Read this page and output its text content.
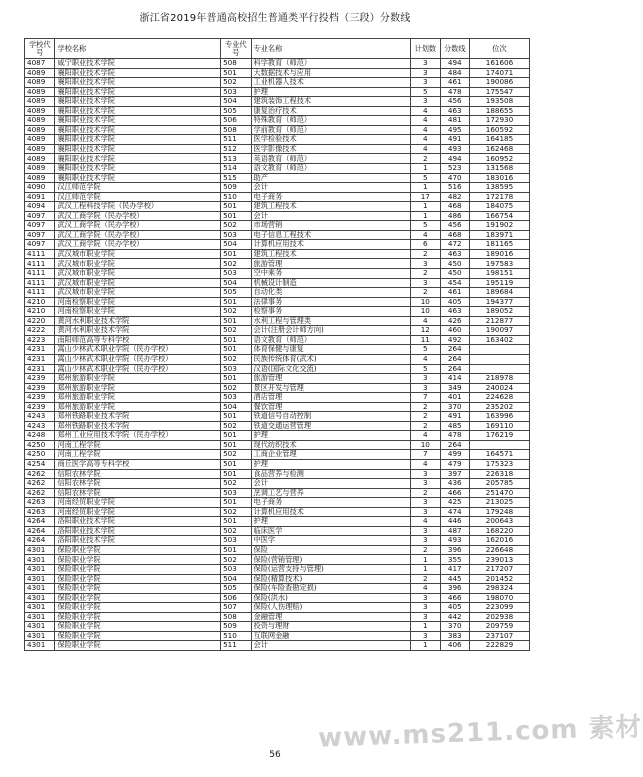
浙江省2019年普通高校招生普通类平行投档（三段）分数线
学校代号	学校名称	专业代号	专业名称	计划数	分数线	位次
4087	咸宁职业技术学院	508	科学教育（师范）	3	494	161606
4089	襄阳职业技术学院	501	大数据技术与应用	3	484	174071
4089	襄阳职业技术学院	502	工业机器人技术	3	461	190086
4089	襄阳职业技术学院	503	护理	5	478	175547
4089	襄阳职业技术学院	504	建筑装饰工程技术	3	456	193508
4089	襄阳职业技术学院	505	康复治疗技术	4	463	188655
4089	襄阳职业技术学院	506	特殊教育（师范）	4	481	172930
4089	襄阳职业技术学院	508	学前教育（师范）	4	495	160592
4089	襄阳职业技术学院	511	医学检验技术	4	491	164185
4089	襄阳职业技术学院	512	医学影像技术	4	493	162468
4089	襄阳职业技术学院	513	英语教育（师范）	2	494	160952
4089	襄阳职业技术学院	514	语文教育（师范）	1	523	131568
4089	襄阳职业技术学院	515	助产	5	470	183016
4090	汉江师范学院	509	会计	1	516	138595
4091	汉江师范学院	510	电子商务	17	482	172178
4094	武汉工程科技学院（民办学校）	501	建筑工程技术	1	468	184075
4097	武汉工商学院（民办学校）	501	会计	1	486	166754
4097	武汉工商学院（民办学校）	502	市场营销	5	456	191902
4097	武汉工商学院（民办学校）	503	电子信息工程技术	4	468	183971
4097	武汉工商学院（民办学校）	504	计算机应用技术	6	472	181165
4111	武汉城市职业学院	501	建筑工程技术	2	463	189016
4111	武汉城市职业学院	502	旅游管理	3	450	197583
4111	武汉城市职业学院	503	空中乘务	2	450	198151
4111	武汉城市职业学院	504	机械设计制造	3	454	195119
4111	武汉城市职业学院	505	自动化类	2	461	189684
4210	河南检察职业学院	501	法律事务	10	405	194377
4210	河南检察职业学院	502	检察事务	10	463	189052
4220	黄河水利职业技术学院	501	水利工程与管理类	4	426	212877
4222	黄河水利职业技术学院	502	会计(注册会计师方向)	12	460	190097
4223	南阳师范高等专科学校	501	语文教育（师范）	11	492	163402
4231	嵩山少林武术职业学院（民办学校）	501	体育保健与康复	5	264	
4231	嵩山少林武术职业学院（民办学校）	502	民族传统体育(武术)	4	264	
4231	嵩山少林武术职业学院（民办学校）	503	汉语(国际文化交流)	5	264	
4239	郑州旅游职业学院	501	旅游管理	3	414	218978
4239	郑州旅游职业学院	502	景区开发与管理	3	349	240024
4239	郑州旅游职业学院	503	酒店管理	7	401	224628
4239	郑州旅游职业学院	504	餐饮管理	2	370	235202
4243	郑州铁路职业技术学院	501	铁道信号自动控制	2	491	163996
4243	郑州铁路职业技术学院	502	铁道交通运营管理	2	485	169110
4248	郑州工业应用技术学院（民办学校）	501	护理	4	478	176219
4250	河南工程学院	501	现代纺织技术	10	264	
4250	河南工程学院	502	工商企业管理	7	499	164571
4254	商丘医学高等专科学校	501	护理	4	479	175323
4262	信阳农林学院	501	食品营养与检测	3	397	226318
4262	信阳农林学院	502	会计	3	436	205785
4262	信阳农林学院	503	烹调工艺与营养	2	466	251470
4263	河南经贸职业学院	501	电子商务	3	425	213025
4263	河南经贸职业学院	502	计算机应用技术	3	474	179248
4264	洛阳职业技术学院	501	护理	4	446	200643
4264	洛阳职业技术学院	502	临床医学	3	487	168220
4264	洛阳职业技术学院	503	中医学	3	493	162016
4301	保险职业学院	501	保险	2	396	226648
4301	保险职业学院	502	保险(营销管理)	1	355	239013
4301	保险职业学院	503	保险(运营支持与管理)	1	417	217207
4301	保险职业学院	504	保险(精算技术)	2	445	201452
4301	保险职业学院	505	保险(车险查勘定损)	4	396	298324
4301	保险职业学院	506	保险(洪水)	3	466	198070
4301	保险职业学院	507	保险(人伤理赔)	3	405	223099
4301	保险职业学院	508	金融管理	3	442	202938
4301	保险职业学院	509	投资与理财	1	370	209759
4301	保险职业学院	510	互联网金融	3	383	237107
4301	保险职业学院	511	会计	1	406	222829
www.ms211.com 素材
56
